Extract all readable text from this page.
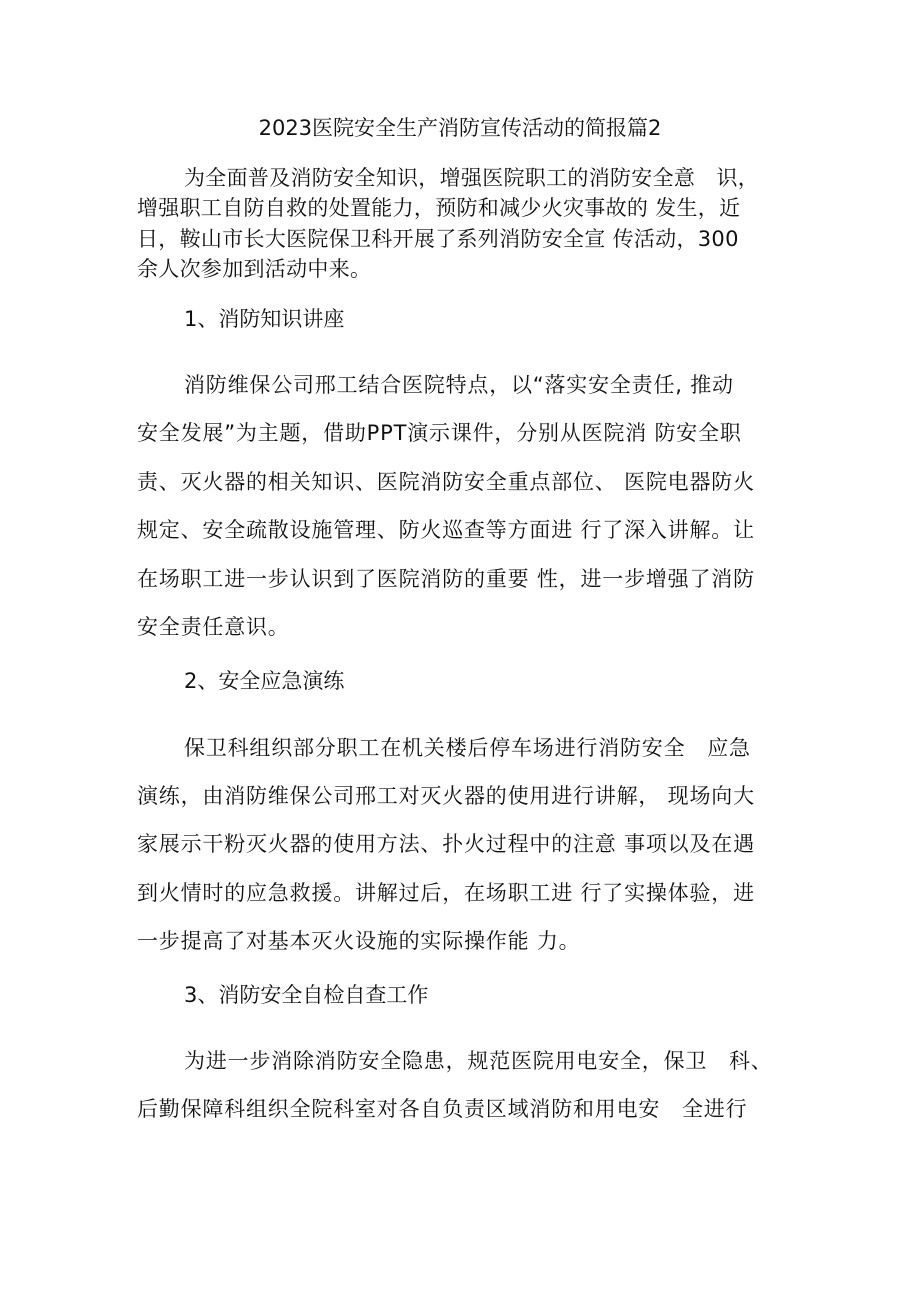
2023医院安全生产消防宣传活动的简报篇2
为全面普及消防安全知识，增强医院职工的消防安全意　识，
增强职工自防自救的处置能力，预防和减少火灾事故的 发生，近
日，鞍山市长大医院保卫科开展了系列消防安全宣 传活动，300
余人次参加到活动中来。
1、消防知识讲座
消防维保公司邢工结合医院特点，以“落实安全责任, 推动
安全发展”为主题，借助PPT演示课件，分别从医院消 防安全职
责、灭火器的相关知识、医院消防安全重点部位、 医院电器防火
规定、安全疏散设施管理、防火巡查等方面进 行了深入讲解。让
在场职工进一步认识到了医院消防的重要 性，进一步增强了消防
安全责任意识。
2、安全应急演练
保卫科组织部分职工在机关楼后停车场进行消防安全　应急
演练，由消防维保公司邢工对灭火器的使用进行讲解， 现场向大
家展示干粉灭火器的使用方法、扑火过程中的注意 事项以及在遇
到火情时的应急救援。讲解过后，在场职工进 行了实操体验，进
一步提高了对基本灭火设施的实际操作能 力。
3、消防安全自检自查工作
为进一步消除消防安全隐患，规范医院用电安全，保卫　科、
后勤保障科组织全院科室对各自负责区域消防和用电安　全进行
